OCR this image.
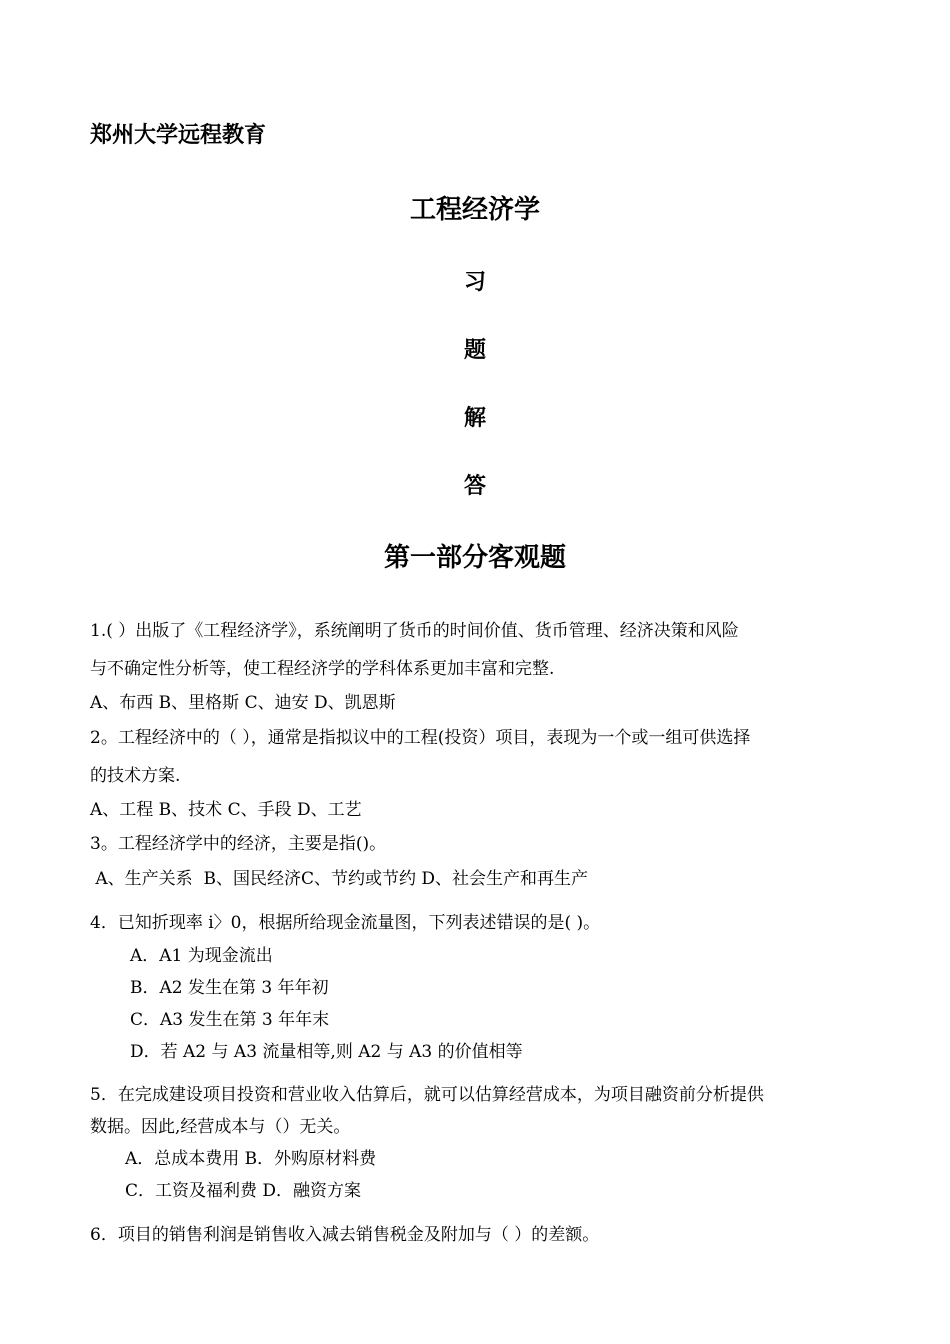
郑州大学远程教育
工程经济学
习
题
解
答
第一部分客观题
1.( ）出版了《工程经济学》，系统阐明了货币的时间价值、货币管理、经济决策和风险
与不确定性分析等，使工程经济学的学科体系更加丰富和完整.
A、布西 B、里格斯 C、迪安 D、凯恩斯
2。工程经济中的（ ），通常是指拟议中的工程(投资）项目，表现为一个或一组可供选择
的技术方案.
A、工程 B、技术 C、手段 D、工艺
3。工程经济学中的经济，主要是指()。
A、生产关系  B、国民经济C、节约或节约 D、社会生产和再生产
4．已知折现率 i〉0，根据所给现金流量图，下列表述错误的是( )。
A．A1 为现金流出
B．A2 发生在第 3 年年初
C．A3 发生在第 3 年年末
D．若 A2 与 A3 流量相等,则 A2 与 A3 的价值相等
5．在完成建设项目投资和营业收入估算后，就可以估算经营成本，为项目融资前分析提供
数据。因此,经营成本与（）无关。
A．总成本费用 B．外购原材料费
C．工资及福利费 D．融资方案
6．项目的销售利润是销售收入减去销售税金及附加与（ ）的差额。
